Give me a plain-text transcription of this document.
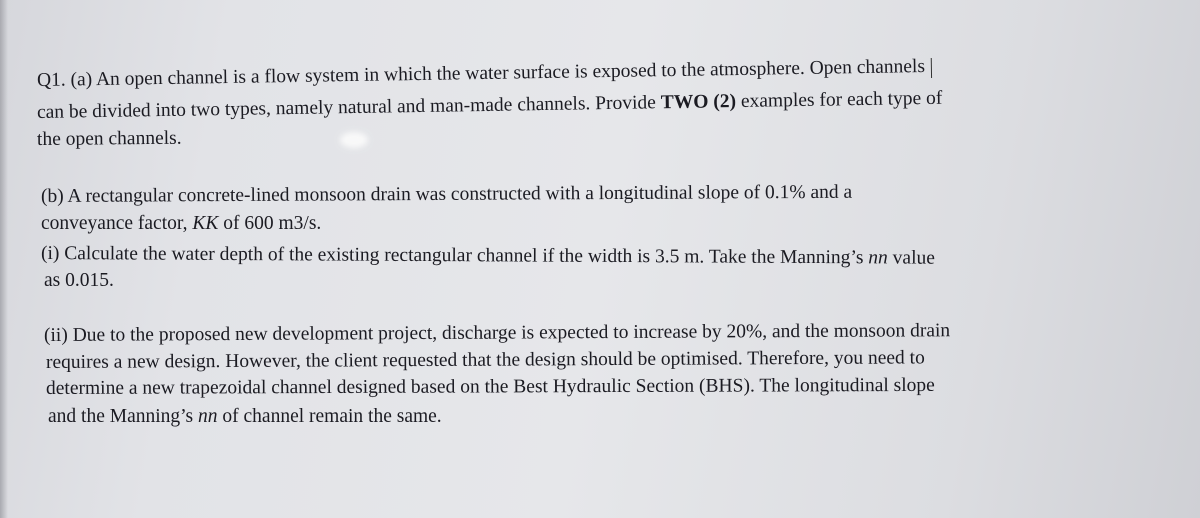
Q1. (a) An open channel is a flow system in which the water surface is exposed to the atmosphere. Open channels
can be divided into two types, namely natural and man-made channels. Provide TWO (2) examples for each type of
the open channels.
(b) A rectangular concrete-lined monsoon drain was constructed with a longitudinal slope of 0.1% and a
conveyance factor, KK of 600 m3/s.
(i) Calculate the water depth of the existing rectangular channel if the width is 3.5 m. Take the Manning’s nn value
as 0.015.
(ii) Due to the proposed new development project, discharge is expected to increase by 20%, and the monsoon drain
requires a new design. However, the client requested that the design should be optimised. Therefore, you need to
determine a new trapezoidal channel designed based on the Best Hydraulic Section (BHS). The longitudinal slope
and the Manning’s nn of channel remain the same.
